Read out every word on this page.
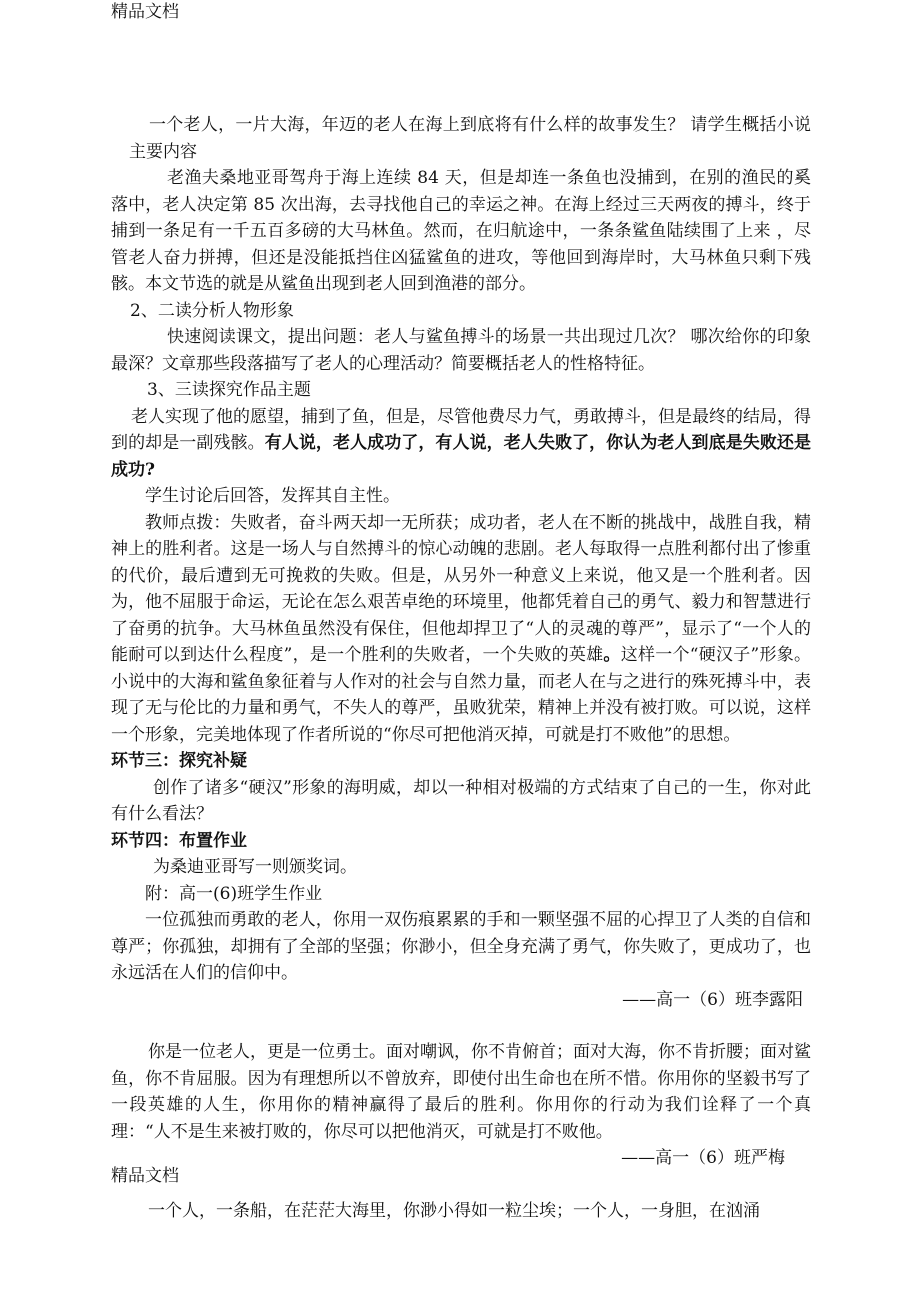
精品文档

一个老人，一片大海，年迈的老人在海上到底将有什么样的故事发生？ 请学生概括小说主要内容

老渔夫桑地亚哥驾舟于海上连续 84 天，但是却连一条鱼也没捕到，在别的渔民的奚落中，老人决定第 85 次出海，去寻找他自己的幸运之神。在海上经过三天两夜的搏斗，终于捕到一条足有一千五百多磅的大马林鱼。然而，在归航途中，一条条鲨鱼陆续围了上来 ，尽管老人奋力拼搏，但还是没能抵挡住凶猛鲨鱼的进攻，等他回到海岸时，大马林鱼只剩下残骸。本文节选的就是从鲨鱼出现到老人回到渔港的部分。

2、二读分析人物形象

快速阅读课文，提出问题：老人与鲨鱼搏斗的场景一共出现过几次？ 哪次给你的印象最深？文章那些段落描写了老人的心理活动？简要概括老人的性格特征。

3、三读探究作品主题

老人实现了他的愿望，捕到了鱼，但是，尽管他费尽力气，勇敢搏斗，但是最终的结局，得到的却是一副残骸。有人说，老人成功了，有人说，老人失败了，你认为老人到底是失败还是成功?

学生讨论后回答，发挥其自主性。

教师点拨：失败者，奋斗两天却一无所获；成功者，老人在不断的挑战中，战胜自我，精神上的胜利者。这是一场人与自然搏斗的惊心动魄的悲剧。老人每取得一点胜利都付出了惨重的代价，最后遭到无可挽救的失败。但是，从另外一种意义上来说，他又是一个胜利者。因为，他不屈服于命运，无论在怎么艰苦卓绝的环境里，他都凭着自己的勇气、毅力和智慧进行了奋勇的抗争。大马林鱼虽然没有保住，但他却捍卫了“人的灵魂的尊严”，显示了“一个人的能耐可以到达什么程度”，是一个胜利的失败者，一个失败的英雄。这样一个“硬汉子”形象。小说中的大海和鲨鱼象征着与人作对的社会与自然力量，而老人在与之进行的殊死搏斗中，表现了无与伦比的力量和勇气，不失人的尊严，虽败犹荣，精神上并没有被打败。可以说，这样一个形象，完美地体现了作者所说的“你尽可把他消灭掉，可就是打不败他”的思想。

环节三：探究补疑

创作了诸多“硬汉”形象的海明威，却以一种相对极端的方式结束了自己的一生，你对此有什么看法？

环节四：布置作业

为桑迪亚哥写一则颁奖词。

附：高一(6)班学生作业

一位孤独而勇敢的老人，你用一双伤痕累累的手和一颗坚强不屈的心捍卫了人类的自信和尊严；你孤独，却拥有了全部的坚强；你渺小，但全身充满了勇气，你失败了，更成功了，也永远活在人们的信仰中。

——高一（6）班李露阳

你是一位老人，更是一位勇士。面对嘲讽，你不肯俯首；面对大海，你不肯折腰；面对鲨鱼，你不肯屈服。因为有理想所以不曾放弃，即使付出生命也在所不惜。你用你的坚毅书写了一段英雄的人生，你用你的精神赢得了最后的胜利。你用你的行动为我们诠释了一个真理：“人不是生来被打败的，你尽可以把他消灭，可就是打不败他。

——高一（6）班严梅

一个人，一条船，在茫茫大海里，你渺小得如一粒尘埃；一个人，一身胆，在汹涌

精品文档
